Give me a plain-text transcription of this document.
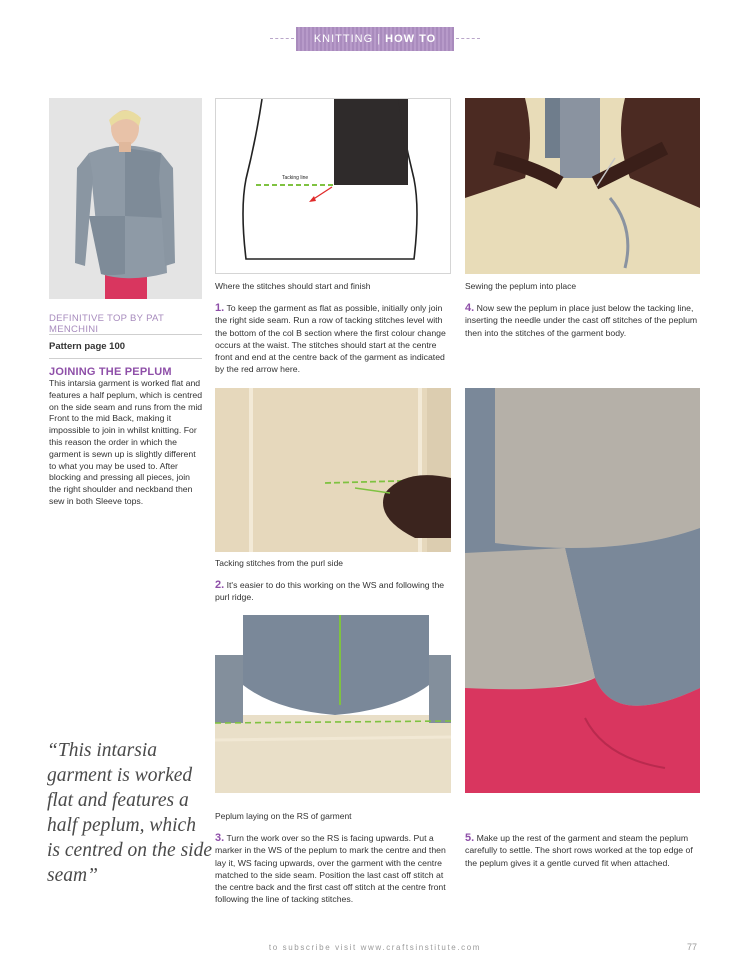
KNITTING | HOW TO
DEFINITIVE TOP BY PAT MENCHINI
Pattern page 100
JOINING THE PEPLUM
This intarsia garment is worked flat and features a half peplum, which is centred on the side seam and runs from the mid Front to the mid Back, making it impossible to join in whilst knitting. For this reason the order in which the garment is sewn up is slightly different to what you may be used to. After blocking and pressing all pieces, join the right shoulder and neckband then sew in both Sleeve tops.
“This intarsia garment is worked flat and features a half peplum, which is centred on the side seam”
Tacking line
Where the stitches should start and finish
1. To keep the garment as flat as possible, initially only join the right side seam. Run a row of tacking stitches level with the bottom of the col B section where the first colour change occurs at the waist. The stitches should start at the centre front and end at the centre back of the garment as indicated by the red arrow here.
Sewing the peplum into place
4. Now sew the peplum in place just below the tacking line, inserting the needle under the cast off stitches of the peplum then into the stitches of the garment body.
Tacking stitches from the purl side
2. It's easier to do this working on the WS and following the purl ridge.
Peplum laying on the RS of garment
3. Turn the work over so the RS is facing upwards. Put a marker in the WS of the peplum to mark the centre and then lay it, WS facing upwards, over the garment with the centre matched to the side seam. Position the last cast off stitch at the centre back and the first cast off stitch at the centre front following the line of tacking stitches.
5. Make up the rest of the garment and steam the peplum carefully to settle. The short rows worked at the top edge of the peplum gives it a gentle curved fit when attached.
to subscribe visit www.craftsinstitute.com	77
